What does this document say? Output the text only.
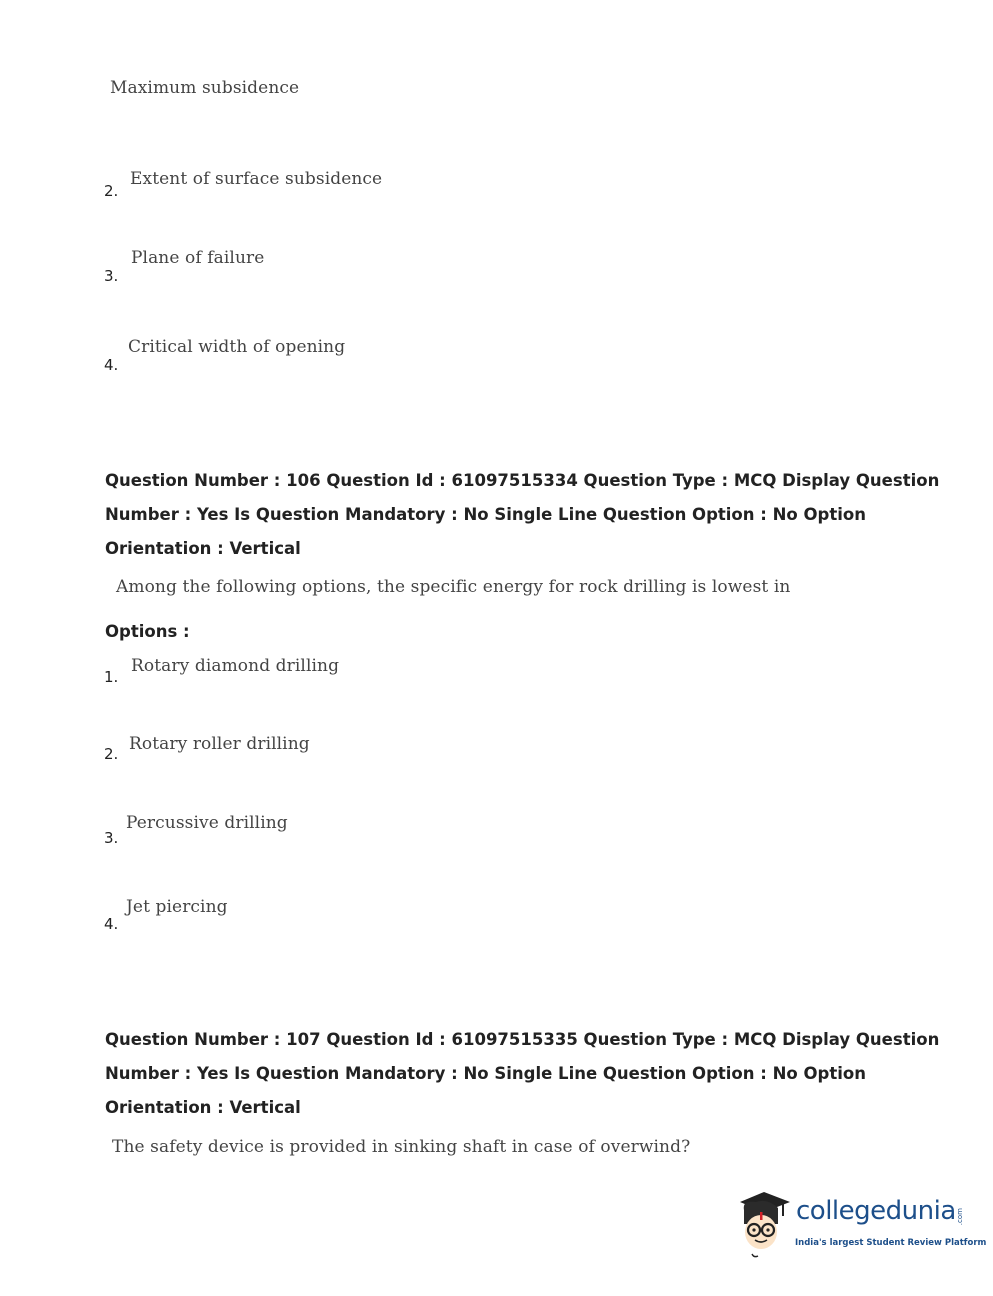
Maximum subsidence
2.
Extent of surface subsidence
3.
Plane of failure
4.
Critical width of opening
Question Number : 106 Question Id : 61097515334 Question Type : MCQ Display Question
Number : Yes Is Question Mandatory : No Single Line Question Option : No Option
Orientation : Vertical
Among the following options, the specific energy for rock drilling is lowest in
Options :
1.
Rotary diamond drilling
2. Rotary roller drilling
3.
Percussive drilling
4.
Jet piercing
Question Number : 107 Question Id : 61097515335 Question Type : MCQ Display Question
Number : Yes Is Question Mandatory : No Single Line Question Option : No Option
Orientation : Vertical
The safety device is provided in sinking shaft in case of overwind?
collegedunia .com
India's largest Student Review Platform
